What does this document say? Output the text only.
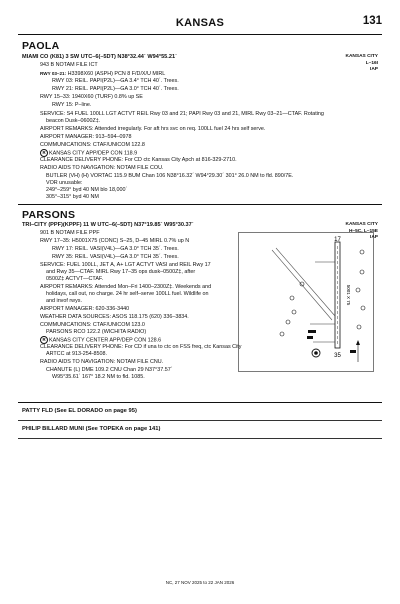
KANSAS	131
PAOLA
MIAMI CO (K81) 3 SW UTC–6(–5DT) N38°32.44´ W94°55.21´
943 B NOTAM FILE ICT
KANSAS CITY
L–16I
IAP
RWY 03–21: H3398X60 (ASPH) PCN 8 F/D/X/U MIRL
RWY 03: REIL. PAPI(P2L)—GA 3.4° TCH 40´. Trees.
RWY 21: REIL. PAPI(P2L)—GA 3.0° TCH 40´. Trees.
RWY 15–33: 1940X60 (TURF) 0.8% up SE
RWY 15: P–line.
SERVICE: S4 FUEL 100LL LGT ACTVT REIL Rwy 03 and 21; PAPI Rwy 03 and 21, MIRL Rwy 03–21—CTAF. Rotating
beacon Dusk–0600Z‡.
AIRPORT REMARKS: Attended irregularly. For aft hrs svc on req. 100LL fuel 24 hrs self serve.
AIRPORT MANAGER: 913–594–0978
COMMUNICATIONS: CTAF/UNICOM 122.8
R KANSAS CITY APP/DEP CON 118.9
CLEARANCE DELIVERY PHONE: For CD ctc Kansas City Apch at 816-329-2710.
RADIO AIDS TO NAVIGATION: NOTAM FILE COU.
BUTLER (VH) (H) VORTAC 115.9 BUM Chan 106 N38°16.32´ W94°29.30´ 301° 26.0 NM to fld. 890/7E.
VOR unusable:
249°–259° byd 40 NM blo 18,000´
305°–315° byd 40 NM
PARSONS
TRI–CITY (PPF)(KPPF) 11 W UTC–6(–5DT) N37°19.85´ W95°30.37´
901 B NOTAM FILE PPF
KANSAS CITY
H–5C, L–15E
IAP
RWY 17–35: H5001X75 (CONC) S–25, D–45 MIRL 0.7% up N
RWY 17: REIL. VASI(V4L)—GA 3.0° TCH 35´. Trees.
RWY 35: REIL. VASI(V4L)—GA 3.0° TCH 35´. Trees.
SERVICE: FUEL 100LL, JET A, A+ LGT ACTVT VASI and REIL Rwy 17
and Rwy 35—CTAF. MIRL Rwy 17–35 ops dusk–0500Z‡, after
0500Z‡ ACTVT—CTAF.
AIRPORT REMARKS: Attended Mon–Fri 1400–2300Z‡. Weekends and
holidays, call out, no charge. 24 hr self–serve 100LL fuel. Wildlife on
and invof rwys.
AIRPORT MANAGER: 620-336-3440
WEATHER DATA SOURCES: ASOS 118.175 (620) 336–3834.
COMMUNICATIONS: CTAF/UNICOM 123.0
PARSONS RCO 122.2 (WICHITA RADIO)
R KANSAS CITY CENTER APP/DEP CON 128.6
CLEARANCE DELIVERY PHONE: For CD if una to ctc on FSS freq, ctc Kansas City
ARTCC at 913-254-8508.
RADIO AIDS TO NAVIGATION: NOTAM FILE CNU.
CHANUTE (L) DME 109.2 CNU Chan 29 N37°37.57´
W95°35.61´ 167° 18.2 NM to fld. 1085.
17
35
5001 X 75
PATTY FLD (See EL DORADO on page 95)
PHILIP BILLARD MUNI (See TOPEKA on page 141)
NC, 27 NOV 2025 to 22 JAN 2026
